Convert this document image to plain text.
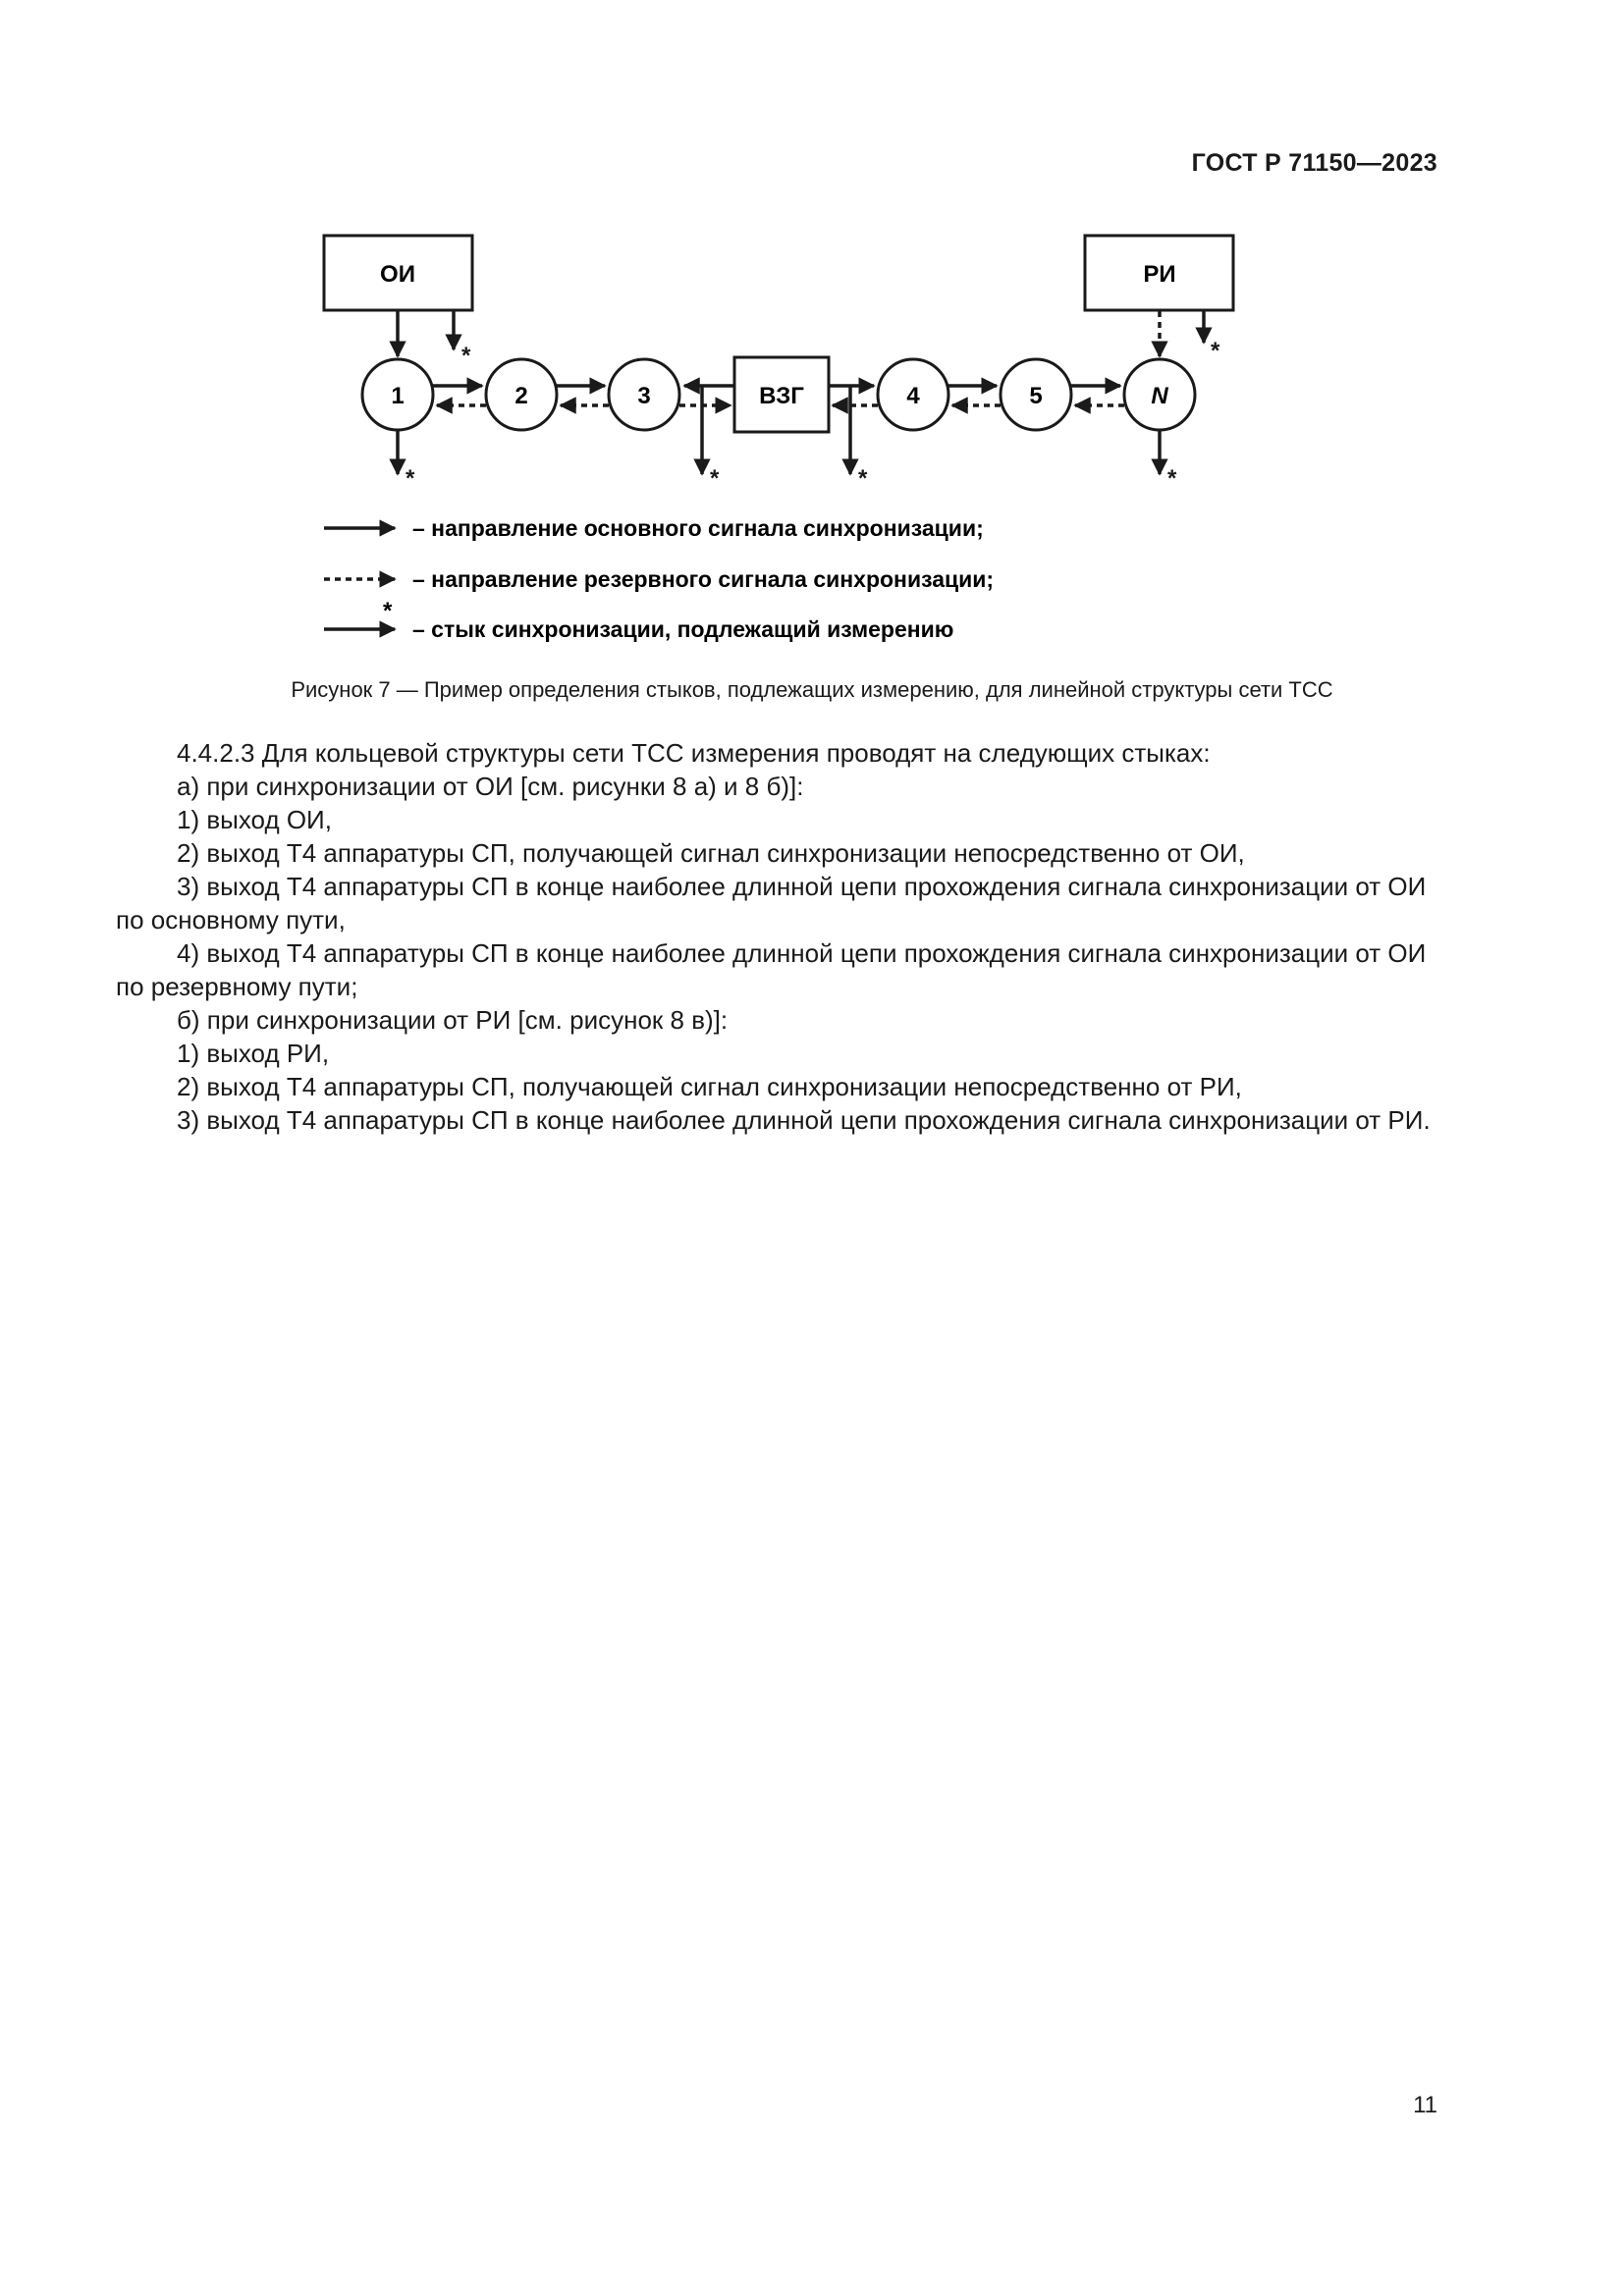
ГОСТ Р 71150—2023
ОИ	РИ
ВЗГ
1	2	3	4	5	N
*	*
*	*	*	*
– направление основного сигнала синхронизации;
– направление резервного сигнала синхронизации;
*
– стык синхронизации, подлежащий измерению
Рисунок 7 — Пример определения стыков, подлежащих измерению, для линейной структуры сети ТСС

4.4.2.3 Для кольцевой структуры сети ТСС измерения проводят на следующих стыках:

а) при синхронизации от ОИ [см. рисунки 8 а) и 8 б)]:

1) выход ОИ,

2) выход Т4 аппаратуры СП, получающей сигнал синхронизации непосредственно от ОИ,

3) выход Т4 аппаратуры СП в конце наиболее длинной цепи прохождения сигнала синхронизации от ОИ по основному пути,

4) выход Т4 аппаратуры СП в конце наиболее длинной цепи прохождения сигнала синхронизации от ОИ по резервному пути;

б) при синхронизации от РИ [см. рисунок 8 в)]:

1) выход РИ,

2) выход Т4 аппаратуры СП, получающей сигнал синхронизации непосредственно от РИ,

3) выход Т4 аппаратуры СП в конце наиболее длинной цепи прохождения сигнала синхронизации от РИ.

11
